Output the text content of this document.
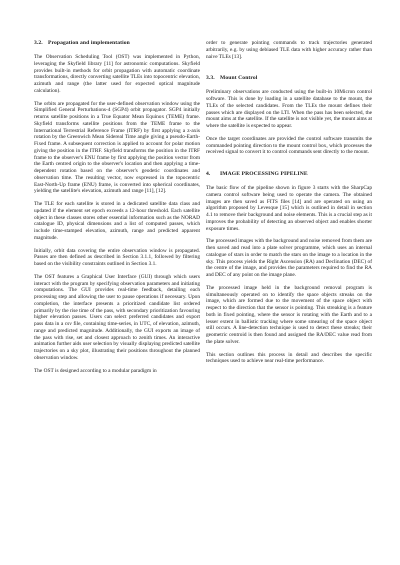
3.2. Propagation and implementation

The Observation Scheduling Tool (OST) was implemented in Python, leveraging the Skyfield library [11] for astronomic computations. Skyfield provides built-in methods for orbit propagation with automatic coordinate transformations, directly converting satellite TLEs into topocentric elevation, azimuth and range (the latter used for expected optical magnitude calculation).

The orbits are propagated for the user-defined observation window using the Simplified General Perturbations-4 (SGP4) orbit propagator. SGP4 initially returns satellite positions in a True Equator Mean Equinox (TEME) frame. Skyfield transforms satellite positions from the TEME frame to the International Terrestrial Reference Frame (ITRF) by first applying a z-axis rotation by the Greenwich Mean Sidereal Time angle giving a pseudo-Earth-Fixed frame. A subsequent correction is applied to account for polar motion giving the position in the ITRF. Skyfield transforms the position in the ITRF frame to the observer's ENU frame by first applying the position vector from the Earth centred origin to the observer's location and then applying a time-dependent rotation based on the observer's geodetic coordinates and observation time. The resulting vector, now expressed in the topocentric East-North-Up frame (ENU) frame, is converted into spherical coordinates, yielding the satellite's elevation, azimuth and range [11], [12].

The TLE for each satellite is stored in a dedicated satellite data class and updated if the element set epoch exceeds a 12-hour threshold. Each satellite object in these classes stores other essential information such as the NORAD catalogue ID, physical dimensions and a list of computed passes, which include time-stamped elevation, azimuth, range and predicted apparent magnitude.

Initially, orbit data covering the entire observation window is propagated. Passes are then defined as described in Section 3.1.1, followed by filtering based on the visibility constraints outlined in Section 3.1.

The OST features a Graphical User Interface (GUI) through which users interact with the program by specifying observation parameters and initiating computations. The GUI provides real-time feedback, detailing each processing step and allowing the user to pause operations if necessary. Upon completion, the interface presents a prioritized candidate list ordered primarily by the rise time of the pass, with secondary prioritization favouring higher elevation passes. Users can select preferred candidates and export pass data in a csv file, containing time-series, in UTC, of elevation, azimuth, range and predicted magnitude. Additionally, the GUI exports an image of the pass with rise, set and closest approach to zenith times. An interactive animation further aids user selection by visually displaying predicted satellite trajectories on a sky plot, illustrating their positions throughout the planned observation window.

The OST is designed according to a modular paradigm in

order to generate pointing commands to track trajectories generated arbitrarily, e.g. by using debiased TLE data with higher accuracy rather than naive TLEs [13].

3.3. Mount Control

Preliminary observations are conducted using the built-in 10Micron control software. This is done by loading in a satellite database to the mount, the TLEs of the selected candidates. From the TLEs the mount defines their passes which are displayed on the LTI. When the pass has been selected, the mount aims at the satellite. If the satellite is not visible yet, the mount aims at where the satellite is expected to appear.

Once the target coordinates are provided the control software transmits the commanded pointing direction to the mount control box, which processes the received signal to convert it to control commands sent directly to the mount.

4. IMAGE PROCESSING PIPELINE

The basic flow of the pipeline shown in figure 3 starts with the SharpCap camera control software being used to operate the camera. The obtained images are then saved as FITS files [14] and are operated on using an algorithm proposed by Levesque [15] which is outlined in detail in section 4.1 to remove their background and noise elements. This is a crucial step as it improves the probability of detecting an observed object and enables shorter exposure times.

The processed images with the background and noise removed from them are then saved and read into a plate solver programme, which uses an internal catalogue of stars in order to match the stars on the image to a location in the sky. This process yields the Right Ascension (RA) and Declination (DEC) of the centre of the image, and provides the parameters required to find the RA and DEC of any point on the image plane.

The processed image held in the background removal program is simultaneously operated on to identify the space objects streaks on the image, which are formed due to the movement of the space object with respect to the direction that the sensor is pointing. This streaking is a feature both in fixed pointing, where the sensor is rotating with the Earth and to a lesser extent in ballistic tracking where some smearing of the space object still occurs. A line-detection technique is used to detect these streaks; their geometric centroid is then found and assigned the RA/DEC value read from the plate solver.

This section outlines this process in detail and describes the specific techniques used to achieve near real-time performance.
